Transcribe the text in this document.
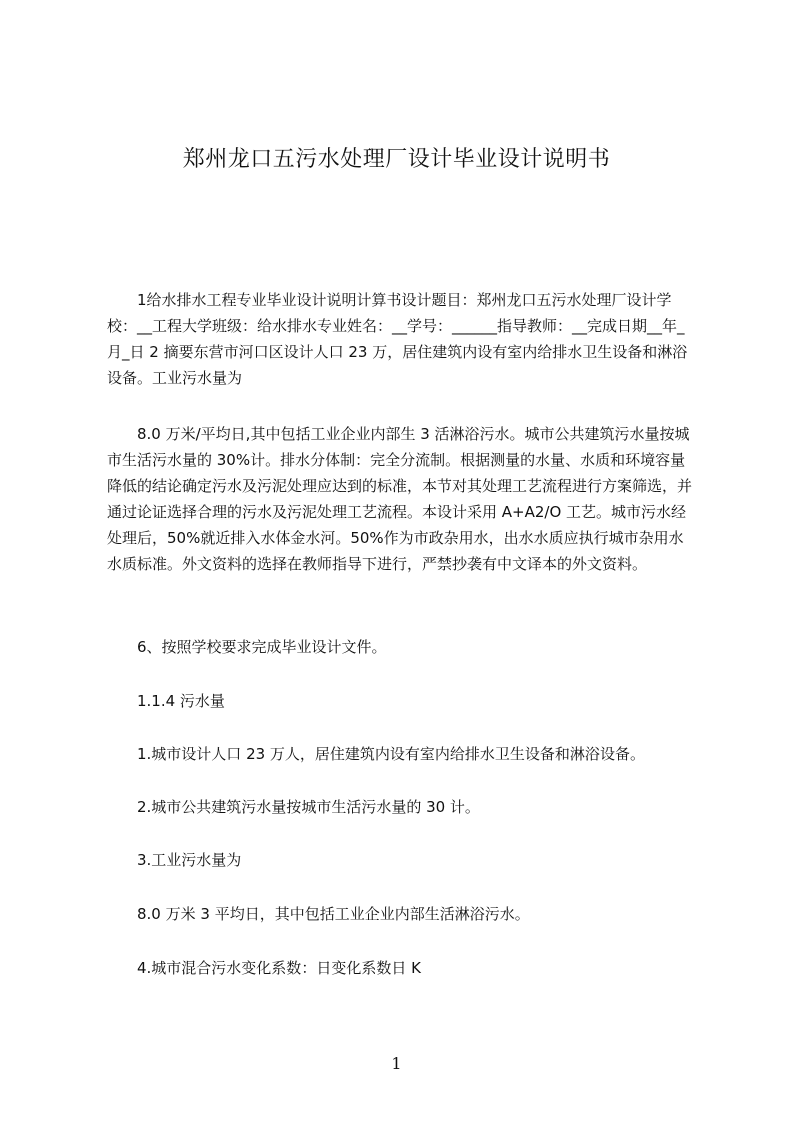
郑州龙口五污水处理厂设计毕业设计说明书

1给水排水工程专业毕业设计说明计算书设计题目：郑州龙口五污水处理厂设计学校：__工程大学班级：给水排水专业姓名：__学号：______指导教师：__完成日期__年_月_日 2 摘要东营市河口区设计人口 23 万，居住建筑内设有室内给排水卫生设备和淋浴设备。工业污水量为

8.0 万米/平均日,其中包括工业企业内部生 3 活淋浴污水。城市公共建筑污水量按城市生活污水量的 30%计。排水分体制：完全分流制。根据测量的水量、水质和环境容量降低的结论确定污水及污泥处理应达到的标准，本节对其处理工艺流程进行方案筛选，并通过论证选择合理的污水及污泥处理工艺流程。本设计采用 A+A2/O 工艺。城市污水经处理后，50%就近排入水体金水河。50%作为市政杂用水，出水水质应执行城市杂用水水质标准。外文资料的选择在教师指导下进行，严禁抄袭有中文译本的外文资料。

6、按照学校要求完成毕业设计文件。

1.1.4 污水量

1.城市设计人口 23 万人，居住建筑内设有室内给排水卫生设备和淋浴设备。

2.城市公共建筑污水量按城市生活污水量的 30 计。

3.工业污水量为

8.0 万米 3 平均日，其中包括工业企业内部生活淋浴污水。

4.城市混合污水变化系数：日变化系数日 K

1
